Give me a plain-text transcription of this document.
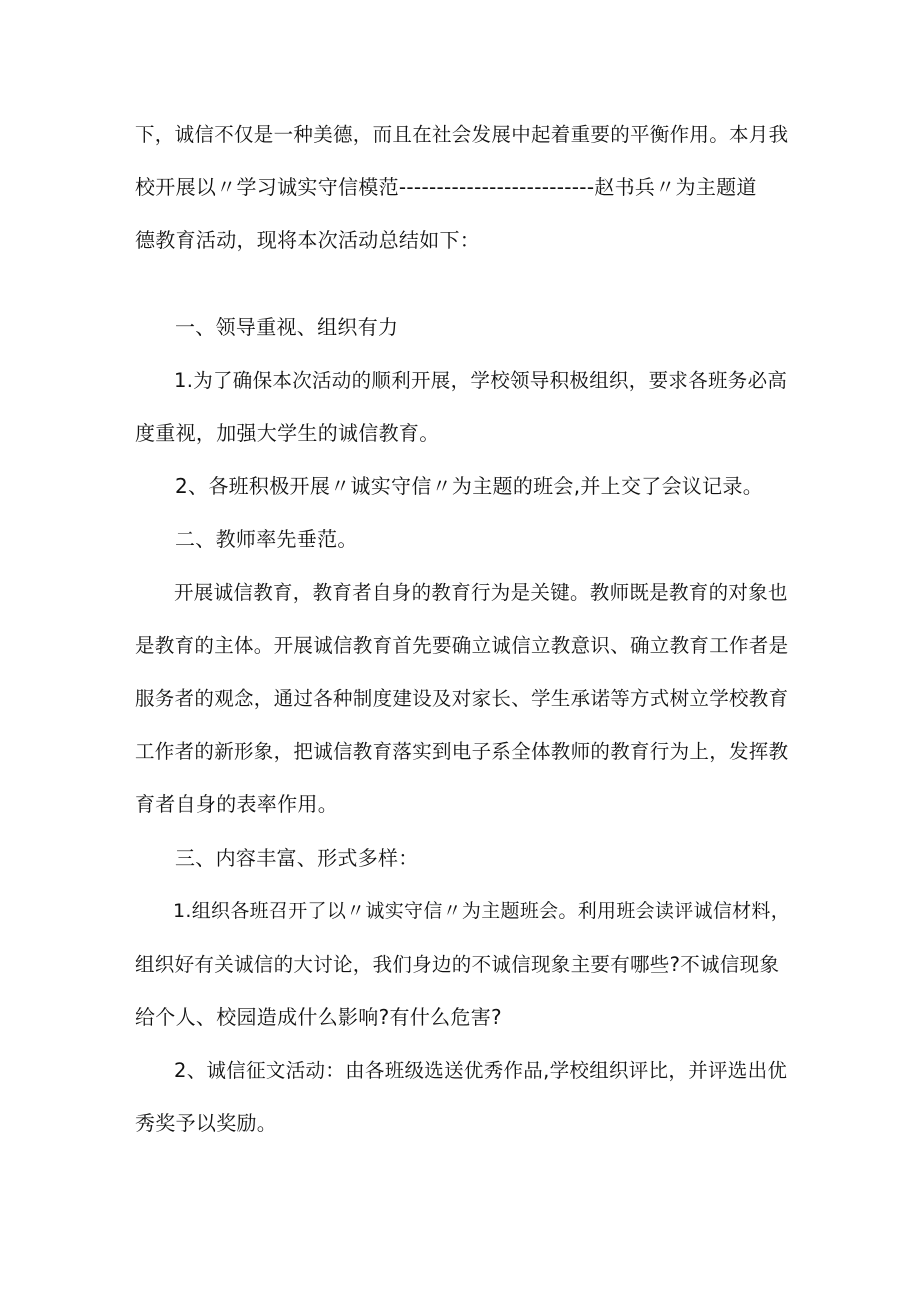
下，诚信不仅是一种美德，而且在社会发展中起着重要的平衡作用。本月我
校开展以〃学习诚实守信模范--------------------------赵书兵〃为主题道
德教育活动，现将本次活动总结如下：
一、领导重视、组织有力
1.为了确保本次活动的顺利开展，学校领导积极组织，要求各班务必高
度重视，加强大学生的诚信教育。
2、各班积极开展〃诚实守信〃为主题的班会,并上交了会议记录。
二、教师率先垂范。
开展诚信教育，教育者自身的教育行为是关键。教师既是教育的对象也
是教育的主体。开展诚信教育首先要确立诚信立教意识、确立教育工作者是
服务者的观念，通过各种制度建设及对家长、学生承诺等方式树立学校教育
工作者的新形象，把诚信教育落实到电子系全体教师的教育行为上，发挥教
育者自身的表率作用。
三、内容丰富、形式多样：
1.组织各班召开了以〃诚实守信〃为主题班会。利用班会读评诚信材料，
组织好有关诚信的大讨论，我们身边的不诚信现象主要有哪些?不诚信现象
给个人、校园造成什么影响?有什么危害?
2、诚信征文活动：由各班级选送优秀作品,学校组织评比，并评选出优
秀奖予以奖励。
